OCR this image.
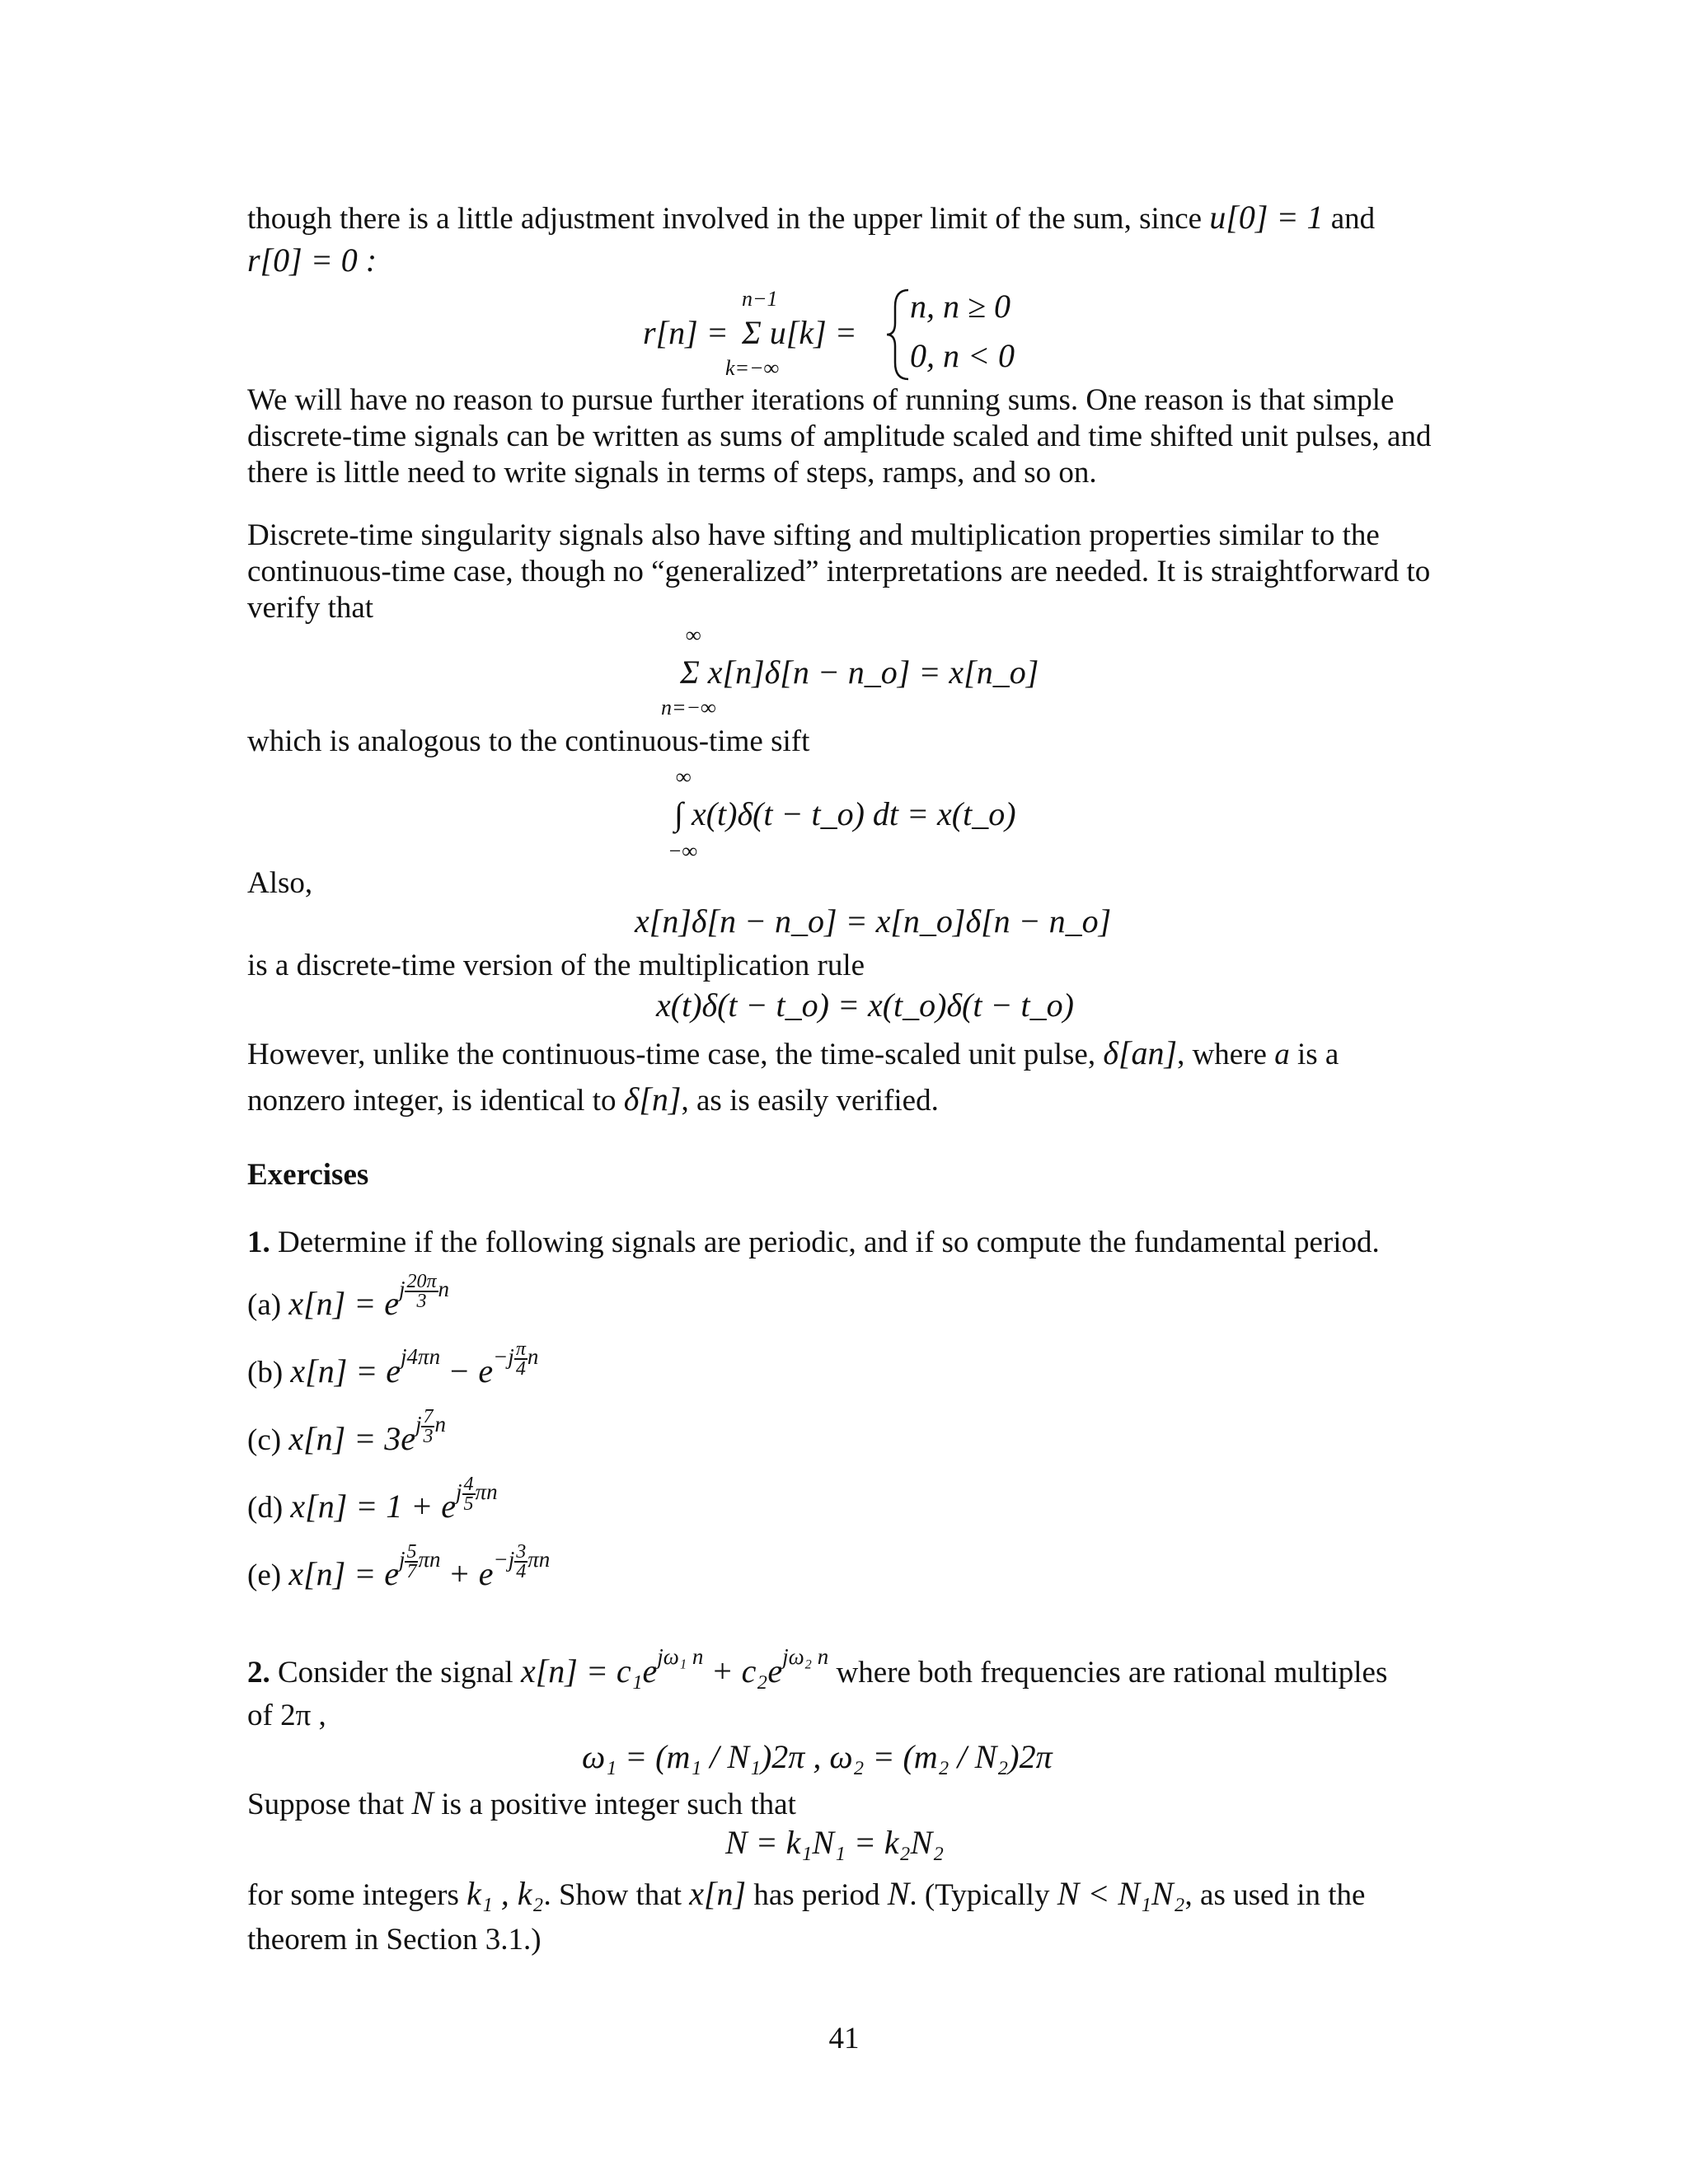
though there is a little adjustment involved in the upper limit of the sum, since u[0] = 1 and
r[0] = 0 :
n−1
r[n] = Σ u[k] =
k=−∞
n, n ≥ 0
0, n < 0
We will have no reason to pursue further iterations of running sums. One reason is that simple discrete-time signals can be written as sums of amplitude scaled and time shifted unit pulses, and there is little need to write signals in terms of steps, ramps, and so on.
Discrete-time singularity signals also have sifting and multiplication properties similar to the continuous-time case, though no “generalized” interpretations are needed. It is straightforward to verify that
∞
Σ x[n]δ[n − n_o] = x[n_o]
n=−∞
which is analogous to the continuous-time sift
∞
∫ x(t)δ(t − t_o) dt = x(t_o)
−∞
Also,
x[n]δ[n − n_o] = x[n_o]δ[n − n_o]
is a discrete-time version of the multiplication rule
x(t)δ(t − t_o) = x(t_o)δ(t − t_o)
However, unlike the continuous-time case, the time-scaled unit pulse, δ[an], where a is a
nonzero integer, is identical to δ[n], as is easily verified.
Exercises
1. Determine if the following signals are periodic, and if so compute the fundamental period.
(a) $x[n] = e^{j \frac{20\pi}{3} n}$
(b) $x[n] = e^{j4\pi n} - e^{-j \frac{\pi}{4} n}$
(c) $x[n] = 3e^{j \frac{7}{3} n}$
(d) $x[n] = 1 + e^{j \frac{4}{5} \pi n}$
(e) $x[n] = e^{j \frac{5}{7} \pi n} + e^{-j \frac{3}{4} \pi n}$
2. Consider the signal $x[n] = c_1e^{j\omega_1 n} + c_2e^{j\omega_2 n}$ where both frequencies are rational multiples
of 2π ,
ω₁ = (m₁ / N₁)2π , ω₂ = (m₂ / N₂)2π
Suppose that N is a positive integer such that
N = k₁N₁ = k₂N₂
for some integers k₁ , k₂. Show that x[n] has period N. (Typically N < N₁N₂, as used in the
theorem in Section 3.1.)
41
